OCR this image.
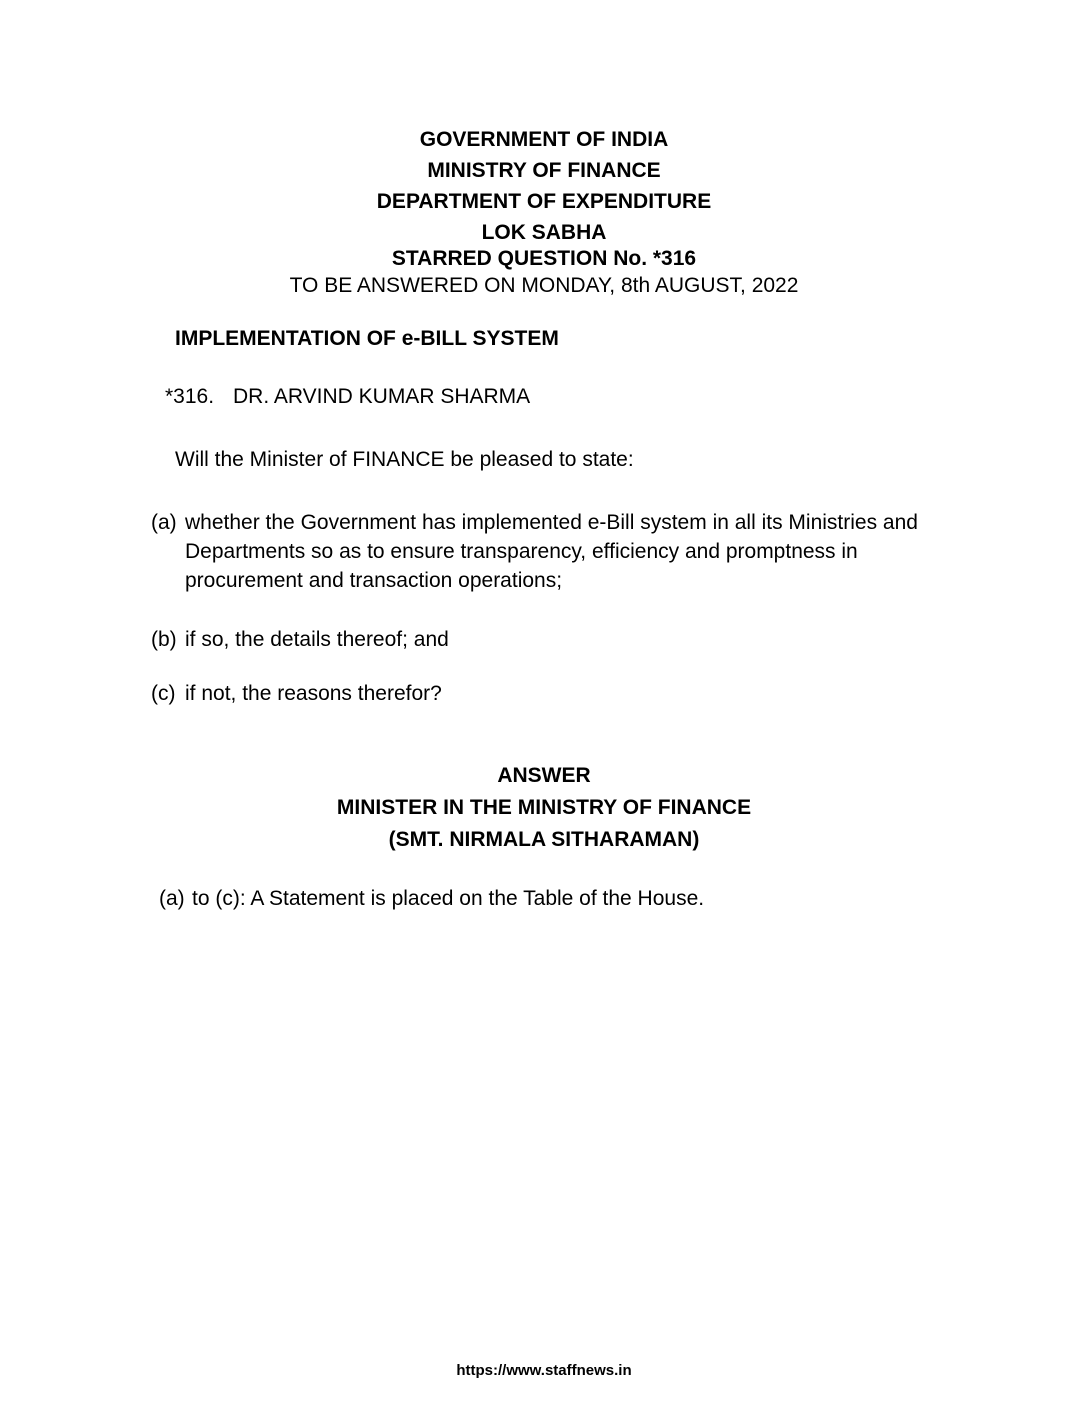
GOVERNMENT OF INDIA
MINISTRY OF FINANCE
DEPARTMENT OF EXPENDITURE
LOK SABHA
STARRED QUESTION No. *316
TO BE ANSWERED ON MONDAY, 8th AUGUST, 2022
IMPLEMENTATION OF e-BILL SYSTEM
*316. DR. ARVIND KUMAR SHARMA
Will the Minister of FINANCE be pleased to state:
(a) whether the Government has implemented e-Bill system in all its Ministries and Departments so as to ensure transparency, efficiency and promptness in procurement and transaction operations;
(b) if so, the details thereof; and
(c) if not, the reasons therefor?
ANSWER
MINISTER IN THE MINISTRY OF FINANCE
(SMT. NIRMALA SITHARAMAN)
(a) to (c): A Statement is placed on the Table of the House.
https://www.staffnews.in
